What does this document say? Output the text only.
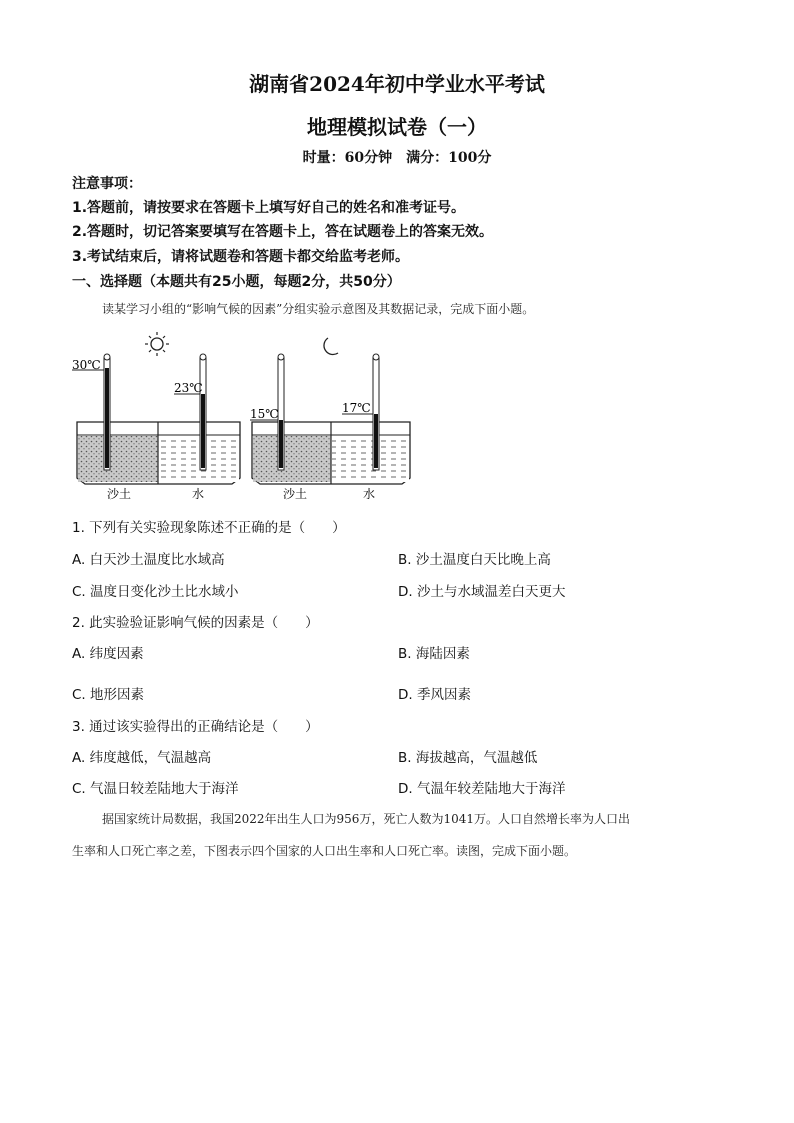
湖南省2024年初中学业水平考试
地理模拟试卷（一）
时量：60分钟　满分：100分
注意事项：
1.答题前，请按要求在答题卡上填写好自己的姓名和准考证号。
2.答题时，切记答案要填写在答题卡上，答在试题卷上的答案无效。
3.考试结束后，请将试题卷和答题卡都交给监考老师。
一、选择题（本题共有25小题，每题2分，共50分）
读某学习小组的“影响气候的因素”分组实验示意图及其数据记录，完成下面小题。
30℃
23℃
15℃	17℃
沙土	水	沙土	水
1. 下列有关实验现象陈述不正确的是（　　）
A. 白天沙土温度比水域高	B. 沙土温度白天比晚上高
C. 温度日变化沙土比水域小	D. 沙土与水域温差白天更大
2. 此实验验证影响气候的因素是（　　）
A. 纬度因素	B. 海陆因素
C. 地形因素	D. 季风因素
3. 通过该实验得出的正确结论是（　　）
A. 纬度越低，气温越高	B. 海拔越高，气温越低
C. 气温日较差陆地大于海洋	D. 气温年较差陆地大于海洋
据国家统计局数据，我国2022年出生人口为956万，死亡人数为1041万。人口自然增长率为人口出
生率和人口死亡率之差，下图表示四个国家的人口出生率和人口死亡率。读图，完成下面小题。
